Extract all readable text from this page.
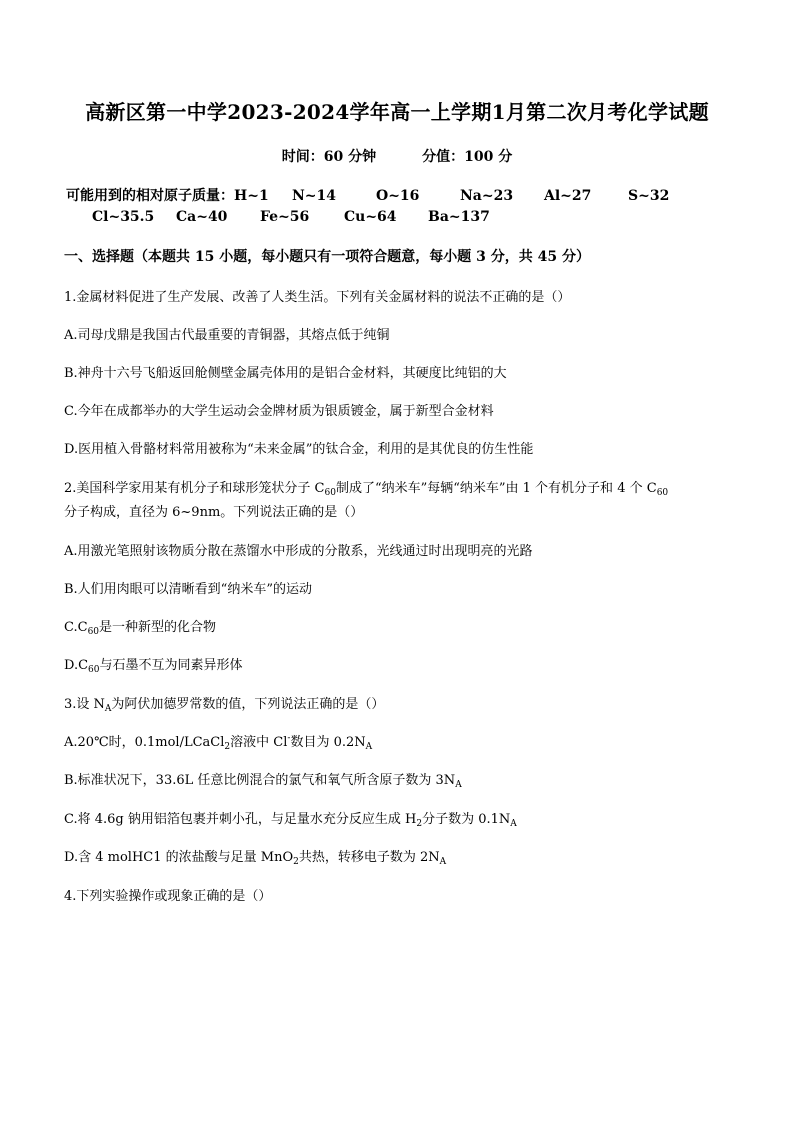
高新区第一中学2023-2024学年高一上学期1月第二次月考化学试题
时间：60 分钟	分值：100 分
可能用到的相对原子质量：H~1 N~14	O~16	Na~23 Al~27	S~32
Cl~35.5 Ca~40 Fe~56 Cu~64 Ba~137
一、选择题（本题共 15 小题，每小题只有一项符合题意，每小题 3 分，共 45 分）
1.金属材料促进了生产发展、改善了人类生活。下列有关金属材料的说法不正确的是（）
A.司母戊鼎是我国古代最重要的青铜器，其熔点低于纯铜
B.神舟十六号飞船返回舱侧壁金属壳体用的是铝合金材料，其硬度比纯铝的大
C.今年在成都举办的大学生运动会金牌材质为银质镀金，属于新型合金材料
D.医用植入骨骼材料常用被称为“未来金属”的钛合金，利用的是其优良的仿生性能
2.美国科学家用某有机分子和球形笼状分子 $C_{60}$制成了“纳米车”每辆“纳米车”由 1 个有机分子和 4 个 $C_{60}$
分子构成，直径为 6~9nm。下列说法正确的是（）
A.用激光笔照射该物质分散在蒸馏水中形成的分散系，光线通过时出现明亮的光路
B.人们用肉眼可以清晰看到“纳米车”的运动
$C.C_{60}$是一种新型的化合物
$D.C_{60}$与石墨不互为同素异形体
3.设 $N_A$为阿伏加德罗常数的值，下列说法正确的是（）
A.20℃时，0.1mol/LCaCl$_2$溶液中 Cl-数目为 $0.2N_A$
B.标准状况下，33.6L 任意比例混合的氯气和氧气所含原子数为 $3N_A$
C.将 4.6g 钠用铝箔包裹并刺小孔，与足量水充分反应生成 $H_2$分子数为 $0.1N_A$
D.含 4 molHC1 的浓盐酸与足量 MnO$_2$共热，转移电子数为 $2N_A$
4.下列实验操作或现象正确的是（）
